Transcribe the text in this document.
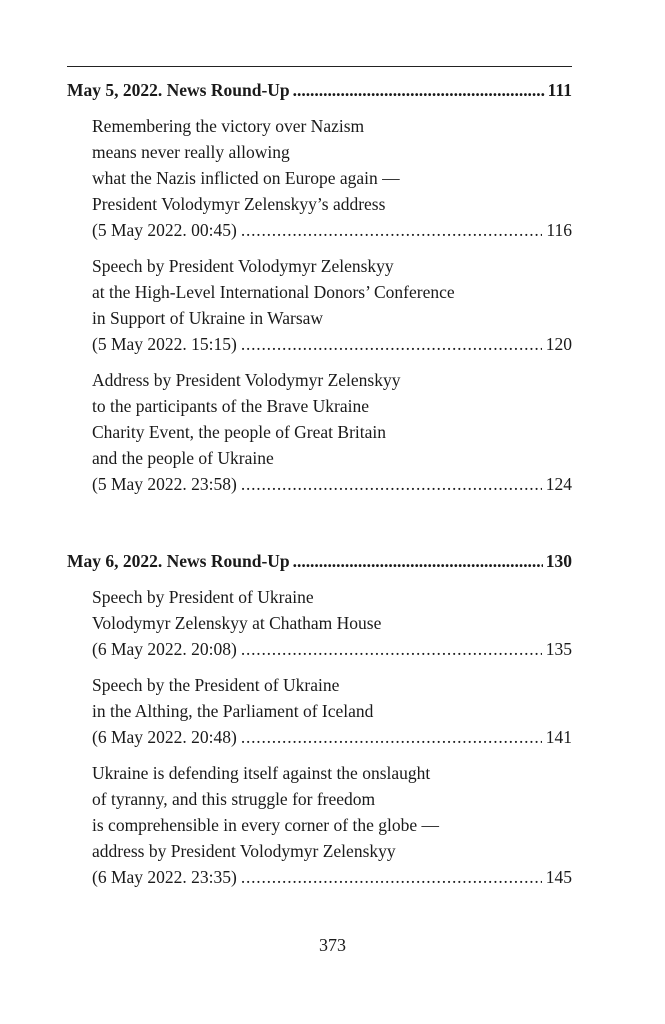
May 5, 2022. News Round-Up . . .	111
Remembering the victory over Nazism
means never really allowing
what the Nazis inflicted on Europe again —
President Volodymyr Zelenskyy’s address
(5 May 2022. 00:45) . . .	116
Speech by President Volodymyr Zelenskyy
at the High-Level International Donors’ Conference
in Support of Ukraine in Warsaw
(5 May 2022. 15:15) . . .	120
Address by President Volodymyr Zelenskyy
to the participants of the Brave Ukraine
Charity Event, the people of Great Britain
and the people of Ukraine
(5 May 2022. 23:58) . . .	124
May 6, 2022. News Round-Up . . .	130
Speech by President of Ukraine
Volodymyr Zelenskyy at Chatham House
(6 May 2022. 20:08) . . .	135
Speech by the President of Ukraine
in the Althing, the Parliament of Iceland
(6 May 2022. 20:48) . . .	141
Ukraine is defending itself against the onslaught
of tyranny, and this struggle for freedom
is comprehensible in every corner of the globe —
address by President Volodymyr Zelenskyy
(6 May 2022. 23:35) . . .	145
373
